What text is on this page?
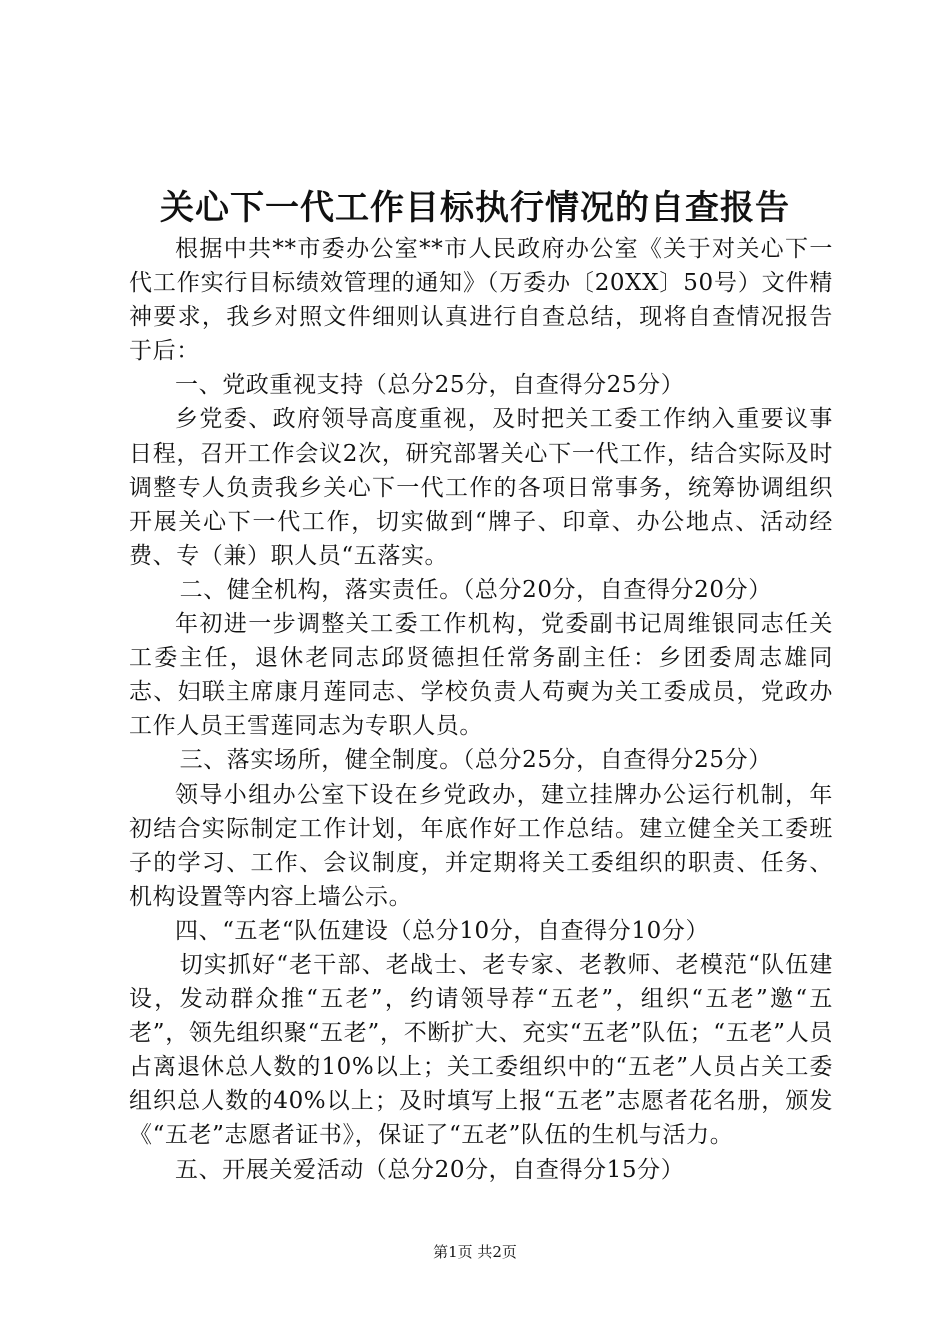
关心下一代工作目标执行情况的自查报告

根据中共**市委办公室**市人民政府办公室《关于对关心下一代工作实行目标绩效管理的通知》（万委办〔20XX〕50号）文件精神要求，我乡对照文件细则认真进行自查总结，现将自查情况报告于后：

一、党政重视支持（总分25分，自查得分25分）

乡党委、政府领导高度重视，及时把关工委工作纳入重要议事日程，召开工作会议2次，研究部署关心下一代工作，结合实际及时调整专人负责我乡关心下一代工作的各项日常事务，统筹协调组织开展关心下一代工作，切实做到“牌子、印章、办公地点、活动经费、专（兼）职人员“五落实。

二、健全机构，落实责任。（总分20分，自查得分20分）

年初进一步调整关工委工作机构，党委副书记周维银同志任关工委主任，退休老同志邱贤德担任常务副主任：乡团委周志雄同志、妇联主席康月莲同志、学校负责人苟奭为关工委成员，党政办工作人员王雪莲同志为专职人员。

三、落实场所，健全制度。（总分25分，自查得分25分）

领导小组办公室下设在乡党政办，建立挂牌办公运行机制，年初结合实际制定工作计划，年底作好工作总结。建立健全关工委班子的学习、工作、会议制度，并定期将关工委组织的职责、任务、机构设置等内容上墙公示。

四、“五老“队伍建设（总分10分，自查得分10分）

切实抓好“老干部、老战士、老专家、老教师、老模范“队伍建设，发动群众推“五老”，约请领导荐“五老”，组织“五老”邀“五老”，领先组织聚“五老”，不断扩大、充实“五老”队伍；“五老”人员占离退休总人数的10%以上；关工委组织中的“五老”人员占关工委组织总人数的40%以上；及时填写上报“五老”志愿者花名册，颁发《“五老”志愿者证书》，保证了“五老”队伍的生机与活力。

五、开展关爱活动（总分20分，自查得分15分）

第1页 共2页
